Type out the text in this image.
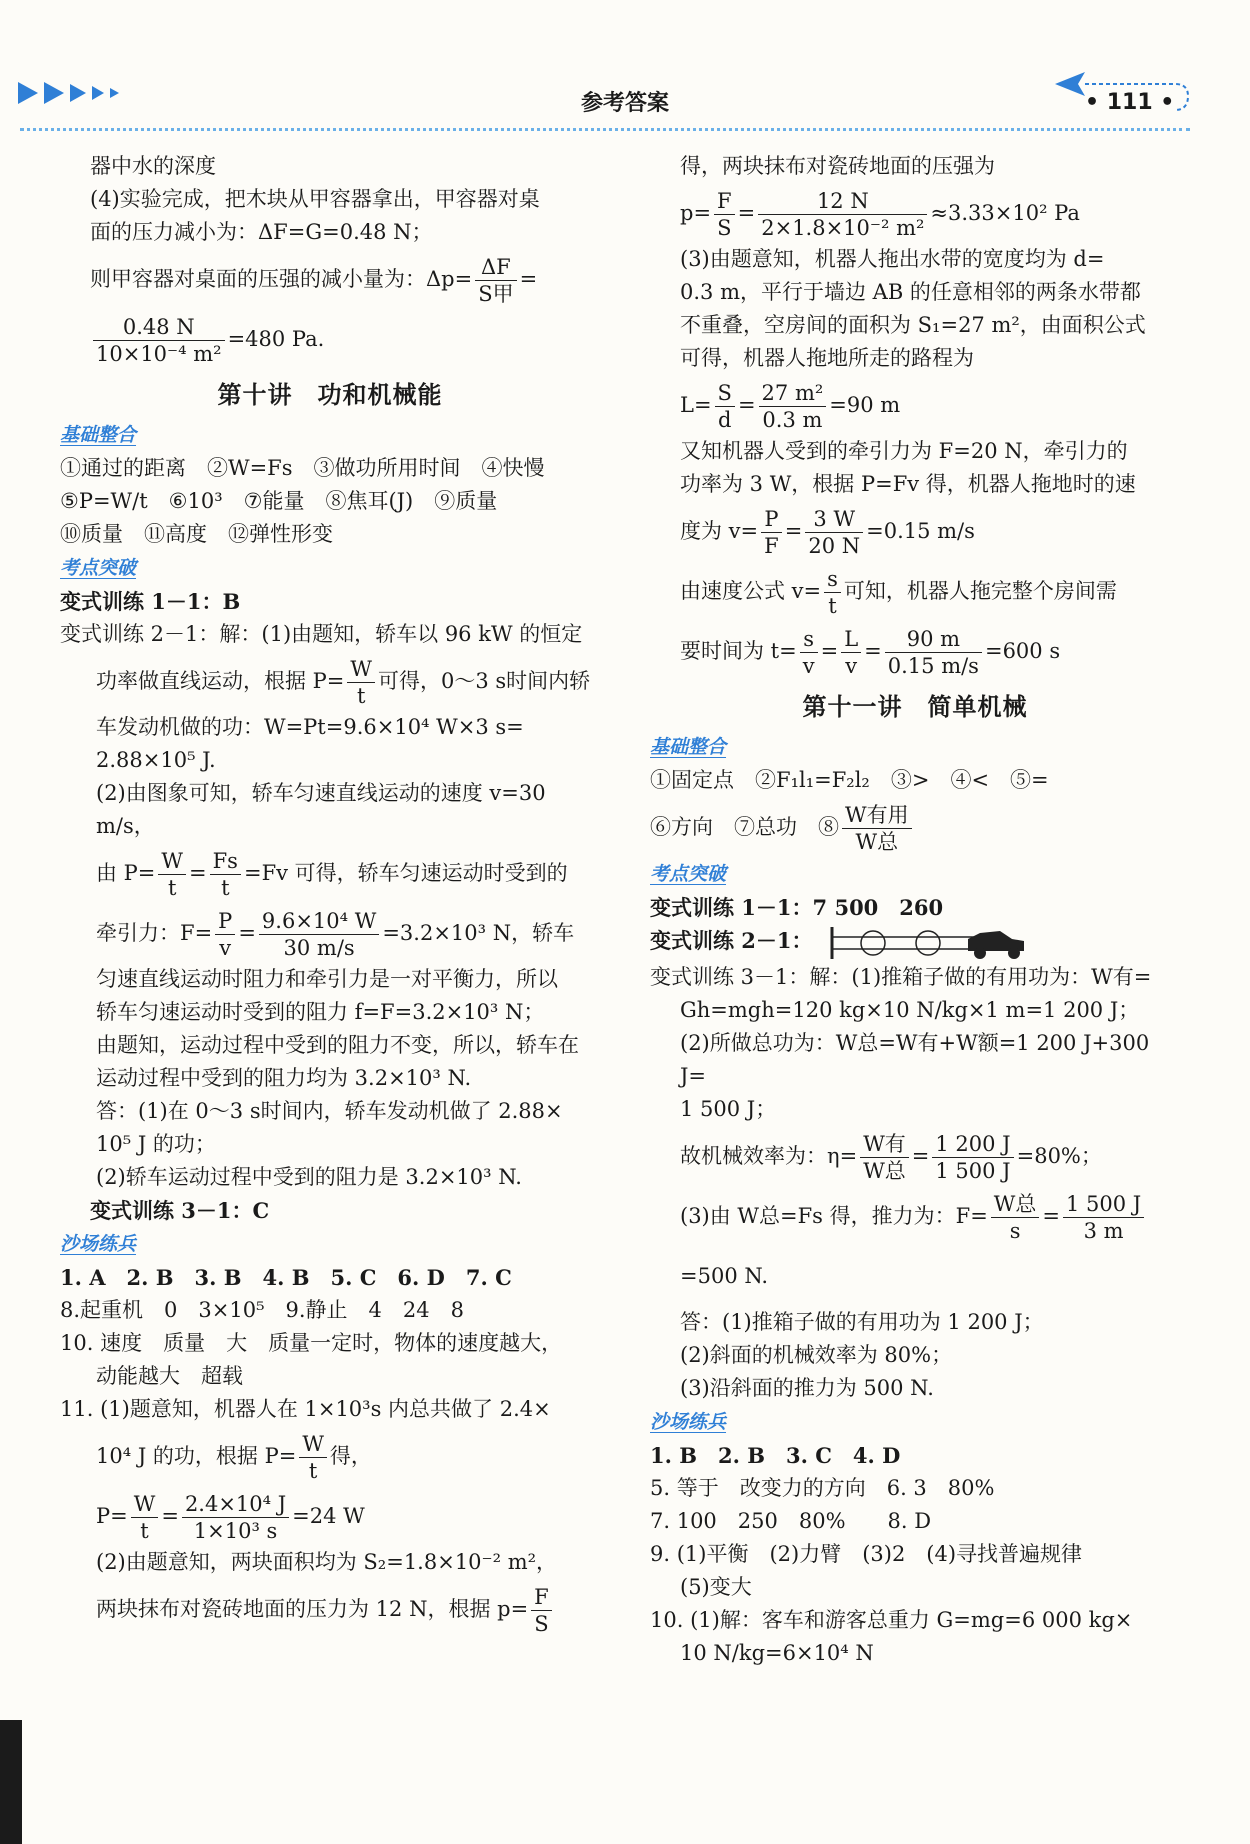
参考答案	• 111 •

器中水的深度

(4)实验完成，把木块从甲容器拿出，甲容器对桌

面的压力减小为：ΔF=G=0.48 N；

则甲容器对桌面的压强的减小量为：$\Delta p= \frac{\Delta F}{\text{S甲}}$ =

$\frac{0.48 N}{\text{10×10⁻⁴ m²}} =480$ Pa.

第十讲　功和机械能

基础整合

①通过的距离　②W=Fs　③做功所用时间　④快慢

⑤P=W/t　⑥10³　⑦能量　⑧焦耳(J)　⑨质量

⑩质量　⑪高度　⑫弹性形变

考点突破

变式训练 1－1：B

变式训练 2－1：解：(1)由题知，轿车以 96 kW 的恒定

功率做直线运动，根据 $P= \frac{W}{t}$ 可得，0～3 s时间内轿

车发动机做的功：W=Pt=9.6×10⁴ W×3 s=

2.88×10⁵ J.

(2)由图象可知，轿车匀速直线运动的速度 v=30 m/s，

由 $P= \frac{W}{t} = \frac{Fs}{t} =Fv$ 可得，轿车匀速运动时受到的

牵引力：$F= \frac{P}{v} = \frac{\text{9.6×10⁴ W}}{30 m/s} =3.2\times 10^3$ N，轿车

匀速直线运动时阻力和牵引力是一对平衡力，所以

轿车匀速运动时受到的阻力 f=F=3.2×10³ N；

由题知，运动过程中受到的阻力不变，所以，轿车在

运动过程中受到的阻力均为 3.2×10³ N.

答：(1)在 0～3 s时间内，轿车发动机做了 2.88×

10⁵ J 的功；

(2)轿车运动过程中受到的阻力是 3.2×10³ N.

变式训练 3－1：C

沙场练兵

1. A　2. B　3. B　4. B　5. C　6. D　7. C

8.起重机　0　3×10⁵　9.静止　4　24　8

10. 速度　质量　大　质量一定时，物体的速度越大，

动能越大　超载

11. (1)题意知，机器人在 1×10³s 内总共做了 2.4×

10⁴ J 的功，根据 $P= \frac{W}{t}$ 得，

$P= \frac{W}{t} = \frac{\text{2.4×10⁴ J}}{\text{1×10³ s}} =24$ W

(2)由题意知，两块面积均为 S₂=1.8×10⁻² m²，

两块抹布对瓷砖地面的压力为 12 N，根据 $p= \frac{F}{S}$

得，两块抹布对瓷砖地面的压强为

$p= \frac{F}{S} = \frac{12 N}{\text{2×1.8×10⁻² m²}} \approx 3.33\times 10^2$ Pa

(3)由题意知，机器人拖出水带的宽度均为 d=

0.3 m，平行于墙边 AB 的任意相邻的两条水带都

不重叠，空房间的面积为 S₁=27 m²，由面积公式

可得，机器人拖地所走的路程为

$L= \frac{S}{d} = \frac{\text{27 m²}}{0.3 m} =90$ m

又知机器人受到的牵引力为 F=20 N，牵引力的

功率为 3 W，根据 P=Fv 得，机器人拖地时的速

度为 $v= \frac{P}{F} = \frac{3 W}{20 N} =0.15$ m/s

由速度公式 $v= \frac{s}{t}$ 可知，机器人拖完整个房间需

要时间为 $t= \frac{s}{v} = \frac{L}{v} = \frac{90 m}{0.15 m/s} =600$ s

第十一讲　简单机械

基础整合

①固定点　②F₁l₁=F₂l₂　③>　④<　⑤=

⑥方向　⑦总功　⑧ $\frac{\text{W有用}}{\text{W总}}$

考点突破

变式训练 1－1：7 500　260

变式训练 2－1：

变式训练 3－1：解：(1)推箱子做的有用功为：W有=

Gh=mgh=120 kg×10 N/kg×1 m=1 200 J；

(2)所做总功为：W总=W有+W额=1 200 J+300 J=

1 500 J；

故机械效率为：$\eta= \frac{\text{W有}}{\text{W总}} = \frac{1 200 J}{1 500 J} =80\%$；

(3)由 W总=Fs 得，推力为：$F= \frac{\text{W总}}{s} = \frac{1 500 J}{3 m}$
=500 N.

答：(1)推箱子做的有用功为 1 200 J；

(2)斜面的机械效率为 80%；

(3)沿斜面的推力为 500 N.

沙场练兵

1. B　2. B　3. C　4. D

5. 等于　改变力的方向　6. 3　80%

7. 100　250　80%　　8. D

9. (1)平衡　(2)力臂　(3)2　(4)寻找普遍规律

(5)变大

10. (1)解：客车和游客总重力 G=mg=6 000 kg×

10 N/kg=6×10⁴ N
